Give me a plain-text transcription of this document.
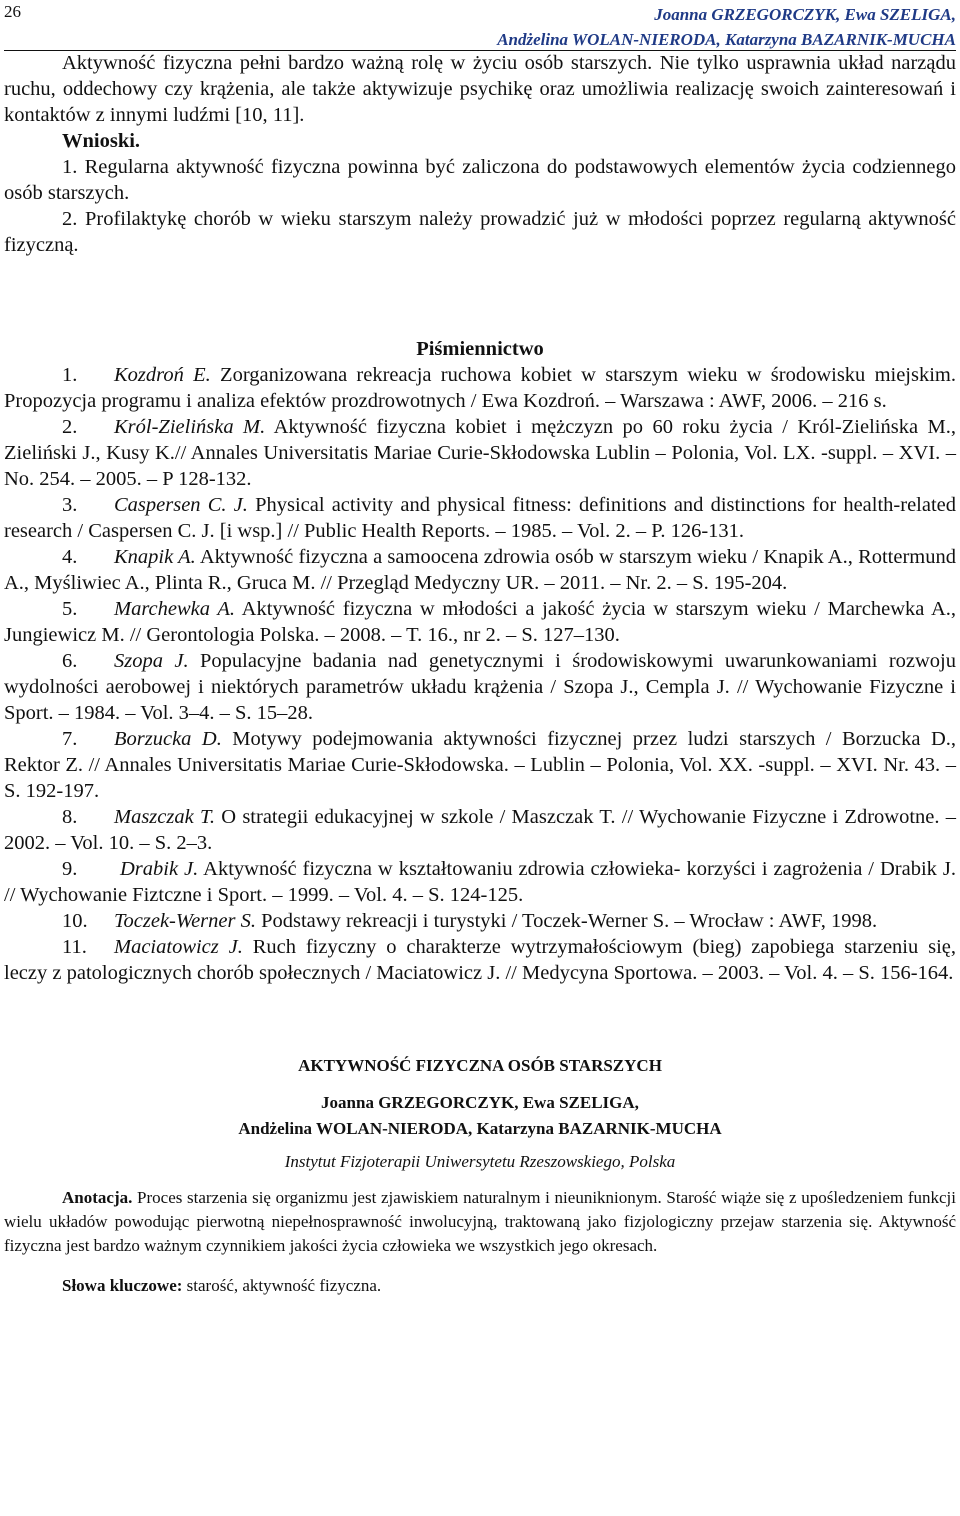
26	Joanna GRZEGORCZYK, Ewa SZELIGA,
Andżelina WOLAN-NIERODA, Katarzyna BAZARNIK-MUCHA

Aktywność fizyczna pełni bardzo ważną rolę w życiu osób starszych. Nie tylko usprawnia układ narządu ruchu, oddechowy czy krążenia, ale także aktywizuje psychikę oraz umożliwia realizację swoich zainteresowań i kontaktów z innymi ludźmi [10, 11].

Wnioski.

1. Regularna aktywność fizyczna powinna być zaliczona do podstawowych elementów życia codziennego osób starszych.

2. Profilaktykę chorób w wieku starszym należy prowadzić już w młodości poprzez regularną aktywność fizyczną.

Piśmiennictwo

1. Kozdroń E. Zorganizowana rekreacja ruchowa kobiet w starszym wieku w środowisku miejskim. Propozycja programu i analiza efektów prozdrowotnych / Ewa Kozdroń. – Warszawa : AWF, 2006. – 216 s.

2. Król-Zielińska M. Aktywność fizyczna kobiet i mężczyzn po 60 roku życia / Król-Zielińska M., Zieliński J., Kusy K.// Annales Universitatis Mariae Curie-Skłodowska Lublin – Polonia, Vol. LX. -suppl. – XVI. – No. 254. – 2005. – P 128-132.

3. Caspersen C. J. Physical activity and physical fitness: definitions and distinctions for health-related research / Caspersen C. J. [i wsp.] // Public Health Reports. – 1985. – Vol. 2. – P. 126-131.

4. Knapik A. Aktywność fizyczna a samoocena zdrowia osób w starszym wieku / Knapik A., Rottermund A., Myśliwiec A., Plinta R., Gruca M. // Przegląd Medyczny UR. – 2011. – Nr. 2. – S. 195-204.

5. Marchewka A. Aktywność fizyczna w młodości a jakość życia w starszym wieku / Marchewka A., Jungiewicz M. // Gerontologia Polska. – 2008. – T. 16., nr 2. – S. 127–130.

6. Szopa J. Populacyjne badania nad genetycznymi i środowiskowymi uwarunkowaniami rozwoju wydolności aerobowej i niektórych parametrów układu krążenia / Szopa J., Cempla J. // Wychowanie Fizyczne i Sport. – 1984. – Vol. 3–4. – S. 15–28.

7. Borzucka D. Motywy podejmowania aktywności fizycznej przez ludzi starszych / Borzucka D., Rektor Z. // Annales Universitatis Mariae Curie-Skłodowska. – Lublin – Polonia, Vol. XX. -suppl. – XVI. Nr. 43. – S. 192-197.

8. Maszczak T. O strategii edukacyjnej w szkole / Maszczak T. // Wychowanie Fizyczne i Zdrowotne. – 2002. – Vol. 10. – S. 2–3.

9. Drabik J. Aktywność fizyczna w kształtowaniu zdrowia człowieka- korzyści i zagrożenia / Drabik J. // Wychowanie Fiztczne i Sport. – 1999. – Vol. 4. – S. 124-125.

10. Toczek-Werner S. Podstawy rekreacji i turystyki / Toczek-Werner S. – Wrocław : AWF, 1998.

11. Maciatowicz J. Ruch fizyczny o charakterze wytrzymałościowym (bieg) zapobiega starzeniu się, leczy z patologicznych chorób społecznych / Maciatowicz J. // Medycyna Sportowa. – 2003. – Vol. 4. – S. 156-164.

AKTYWNOŚĆ FIZYCZNA OSÓB STARSZYCH
Joanna GRZEGORCZYK, Ewa SZELIGA,
Andżelina WOLAN-NIERODA, Katarzyna BAZARNIK-MUCHA
Instytut Fizjoterapii Uniwersytetu Rzeszowskiego, Polska

Anotacja. Proces starzenia się organizmu jest zjawiskiem naturalnym i nieuniknionym. Starość wiąże się z upośledzeniem funkcji wielu układów powodując pierwotną niepełnosprawność inwolucyjną, traktowaną jako fizjologiczny przejaw starzenia się. Aktywność fizyczna jest bardzo ważnym czynnikiem jakości życia człowieka we wszystkich jego okresach.

Słowa kluczowe: starość, aktywność fizyczna.
